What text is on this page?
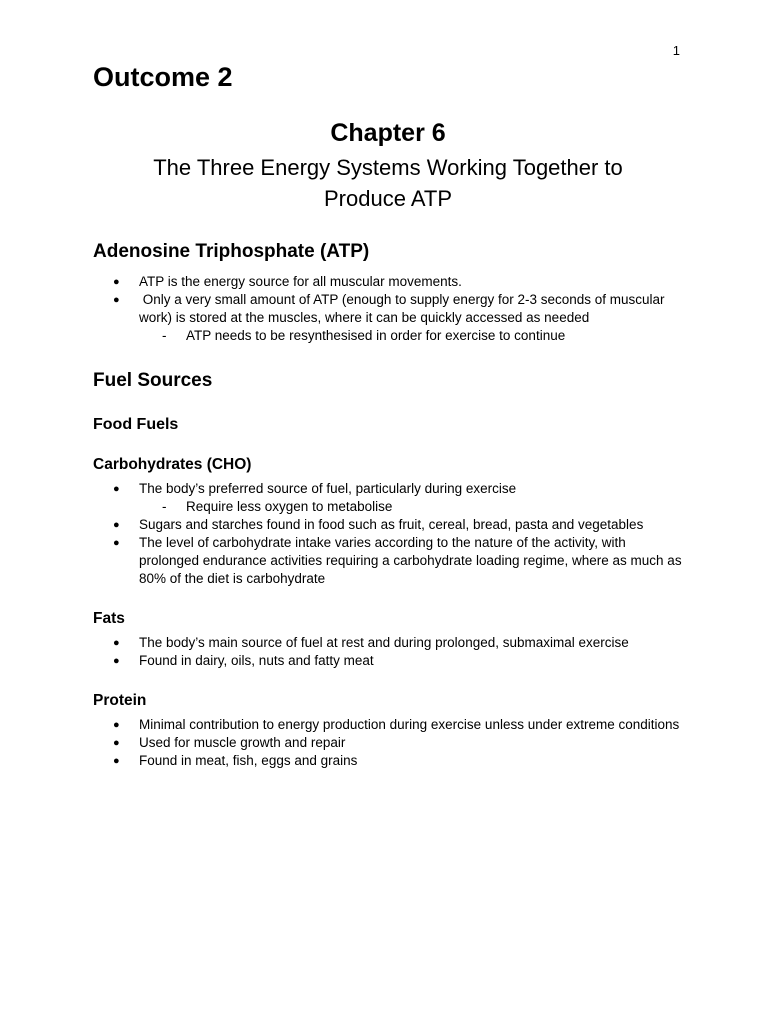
1
Outcome 2
Chapter 6
The Three Energy Systems Working Together to
Produce ATP
Adenosine Triphosphate (ATP)
● ATP is the energy source for all muscular movements.
● Only a very small amount of ATP (enough to supply energy for 2-3 seconds of muscular work) is stored at the muscles, where it can be quickly accessed as needed
- ATP needs to be resynthesised in order for exercise to continue
Fuel Sources
Food Fuels
Carbohydrates (CHO)
● The body’s preferred source of fuel, particularly during exercise
- Require less oxygen to metabolise
● Sugars and starches found in food such as fruit, cereal, bread, pasta and vegetables
● The level of carbohydrate intake varies according to the nature of the activity, with prolonged endurance activities requiring a carbohydrate loading regime, where as much as 80% of the diet is carbohydrate
Fats
● The body’s main source of fuel at rest and during prolonged, submaximal exercise
● Found in dairy, oils, nuts and fatty meat
Protein
● Minimal contribution to energy production during exercise unless under extreme conditions
● Used for muscle growth and repair
● Found in meat, fish, eggs and grains
